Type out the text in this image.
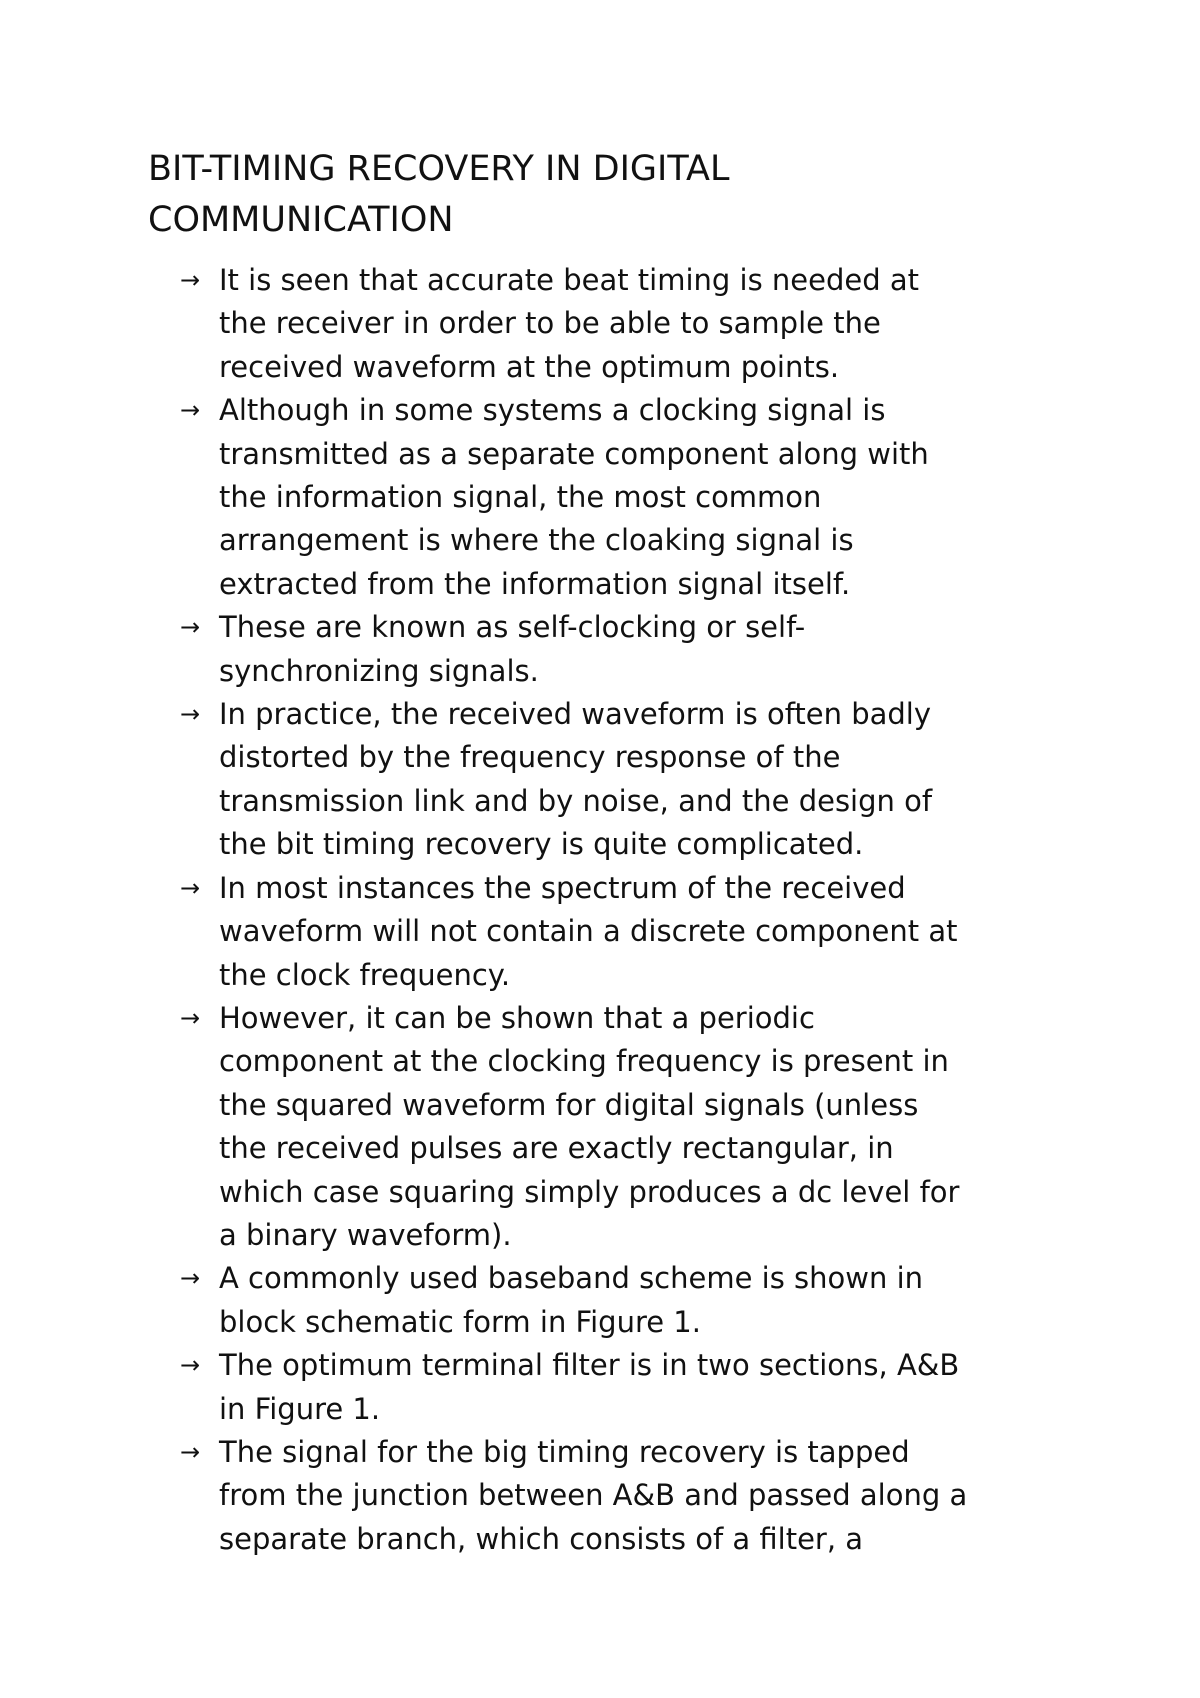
BIT-TIMING RECOVERY IN DIGITAL
COMMUNICATION
→ It is seen that accurate beat timing is needed at
the receiver in order to be able to sample the
received waveform at the optimum points.
→ Although in some systems a clocking signal is
transmitted as a separate component along with
the information signal, the most common
arrangement is where the cloaking signal is
extracted from the information signal itself.
→ These are known as self-clocking or self-
synchronizing signals.
→ In practice, the received waveform is often badly
distorted by the frequency response of the
transmission link and by noise, and the design of
the bit timing recovery is quite complicated.
→ In most instances the spectrum of the received
waveform will not contain a discrete component at
the clock frequency.
→ However, it can be shown that a periodic
component at the clocking frequency is present in
the squared waveform for digital signals (unless
the received pulses are exactly rectangular, in
which case squaring simply produces a dc level for
a binary waveform).
→ A commonly used baseband scheme is shown in
block schematic form in Figure 1.
→ The optimum terminal filter is in two sections, A&B
in Figure 1.
→ The signal for the big timing recovery is tapped
from the junction between A&B and passed along a
separate branch, which consists of a filter, a
